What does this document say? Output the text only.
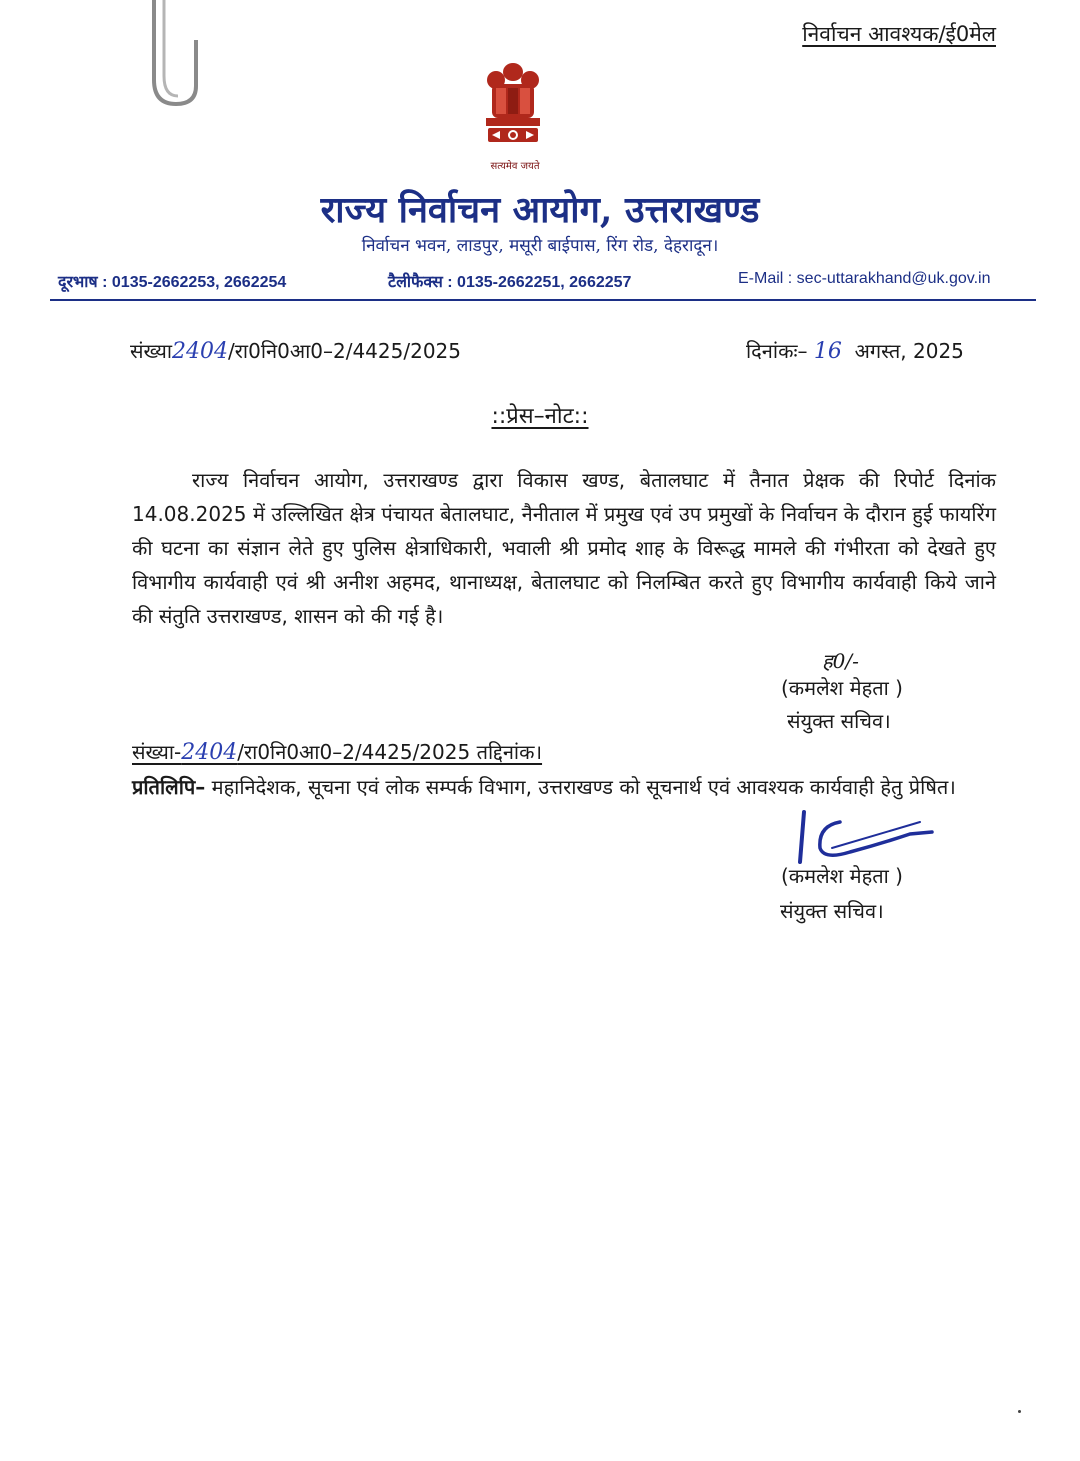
निर्वाचन आवश्यक/ई0मेल
सत्यमेव जयते
राज्य निर्वाचन आयोग, उत्तराखण्ड
निर्वाचन भवन, लाडपुर, मसूरी बाईपास, रिंग रोड, देहरादून।
दूरभाष : 0135-2662253, 2662254	टैलीफैक्स : 0135-2662251, 2662257	E-Mail : sec-uttarakhand@uk.gov.in
संख्या2404/रा0नि0आ0–2/4425/2025	दिनांकः– 16 अगस्त, 2025
::प्रेस–नोट::
राज्य निर्वाचन आयोग, उत्तराखण्ड द्वारा विकास खण्ड, बेतालघाट में तैनात प्रेक्षक की रिपोर्ट दिनांक 14.08.2025 में उल्लिखित क्षेत्र पंचायत बेतालघाट, नैनीताल में प्रमुख एवं उप प्रमुखों के निर्वाचन के दौरान हुई फायरिंग की घटना का संज्ञान लेते हुए पुलिस क्षेत्राधिकारी, भवाली श्री प्रमोद शाह के विरूद्ध मामले की गंभीरता को देखते हुए विभागीय कार्यवाही एवं श्री अनीश अहमद, थानाध्यक्ष, बेतालघाट को निलम्बित करते हुए विभागीय कार्यवाही किये जाने की संतुति उत्तराखण्ड, शासन को की गई है।
ह0/-
(कमलेश मेहता )
संयुक्त सचिव।
संख्या-2404/रा0नि0आ0–2/4425/2025 तद्दिनांक।
प्रतिलिपि– महानिदेशक, सूचना एवं लोक सम्पर्क विभाग, उत्तराखण्ड को सूचनार्थ एवं आवश्यक कार्यवाही हेतु प्रेषित।
(कमलेश मेहता )
संयुक्त सचिव।
